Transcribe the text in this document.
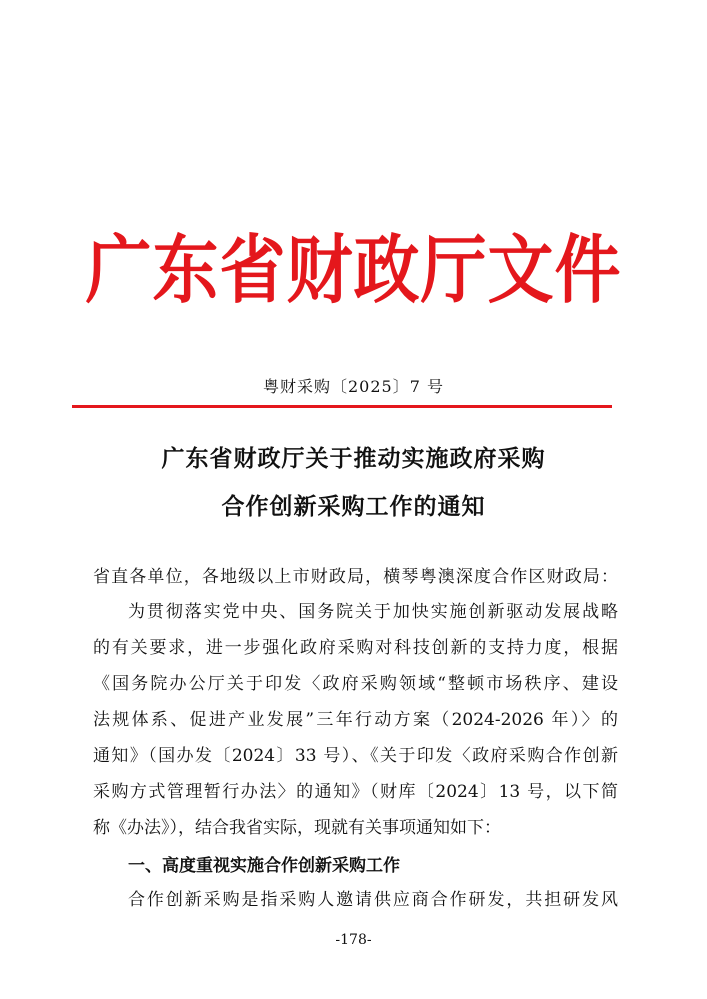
广东省财政厅文件
粤财采购〔2025〕7 号
广东省财政厅关于推动实施政府采购
合作创新采购工作的通知
省直各单位，各地级以上市财政局，横琴粤澳深度合作区财政局：
为贯彻落实党中央、国务院关于加快实施创新驱动发展战略
的有关要求，进一步强化政府采购对科技创新的支持力度，根据
《国务院办公厅关于印发〈政府采购领域“整顿市场秩序、建设
法规体系、促进产业发展”三年行动方案（2024-2026 年）〉的
通知》（国办发〔2024〕33 号）、《关于印发〈政府采购合作创新
采购方式管理暂行办法〉的通知》（财库〔2024〕13 号，以下简
称《办法》），结合我省实际，现就有关事项通知如下：
一、高度重视实施合作创新采购工作
合作创新采购是指采购人邀请供应商合作研发，共担研发风
-178-
